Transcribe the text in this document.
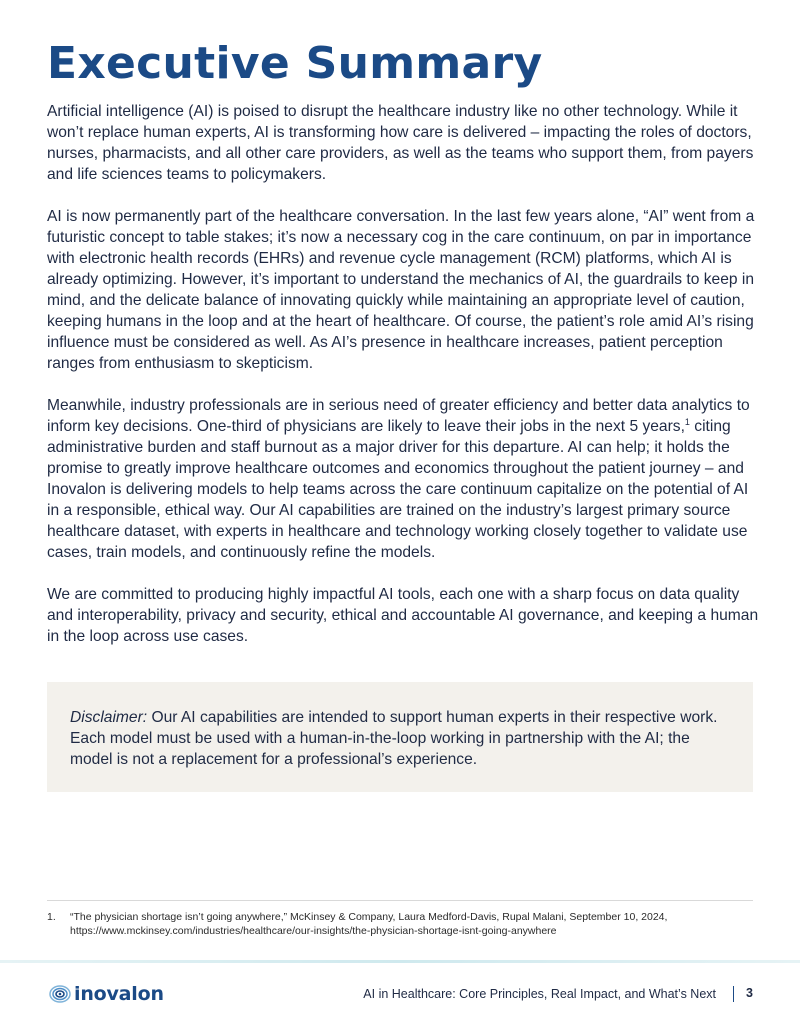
Executive Summary

Artificial intelligence (AI) is poised to disrupt the healthcare industry like no other technology. While it won’t replace human experts, AI is transforming how care is delivered – impacting the roles of doctors, nurses, pharmacists, and all other care providers, as well as the teams who support them, from payers and life sciences teams to policymakers.

AI is now permanently part of the healthcare conversation. In the last few years alone, “AI” went from a futuristic concept to table stakes; it’s now a necessary cog in the care continuum, on par in importance with electronic health records (EHRs) and revenue cycle management (RCM) platforms, which AI is already optimizing. However, it’s important to understand the mechanics of AI, the guardrails to keep in mind, and the delicate balance of innovating quickly while maintaining an appropriate level of caution, keeping humans in the loop and at the heart of healthcare. Of course, the patient’s role amid AI’s rising influence must be considered as well. As AI’s presence in healthcare increases, patient perception ranges from enthusiasm to skepticism.

Meanwhile, industry professionals are in serious need of greater efficiency and better data analytics to inform key decisions. One-third of physicians are likely to leave their jobs in the next 5 years,$^1$ citing administrative burden and staff burnout as a major driver for this departure. AI can help; it holds the promise to greatly improve healthcare outcomes and economics throughout the patient journey – and Inovalon is delivering models to help teams across the care continuum capitalize on the potential of AI in a responsible, ethical way. Our AI capabilities are trained on the industry’s largest primary source healthcare dataset, with experts in healthcare and technology working closely together to validate use cases, train models, and continuously refine the models.

We are committed to producing highly impactful AI tools, each one with a sharp focus on data quality and interoperability, privacy and security, ethical and accountable AI governance, and keeping a human in the loop across use cases.

Disclaimer: Our AI capabilities are intended to support human experts in their respective work. Each model must be used with a human-in-the-loop working in partnership with the AI; the model is not a replacement for a professional’s experience.

1.	“The physician shortage isn’t going anywhere,” McKinsey & Company, Laura Medford-Davis, Rupal Malani, September 10, 2024, https://www.mckinsey.com/industries/healthcare/our-insights/the-physician-shortage-isnt-going-anywhere
inovalon	AI in Healthcare: Core Principles, Real Impact, and What’s Next 3
